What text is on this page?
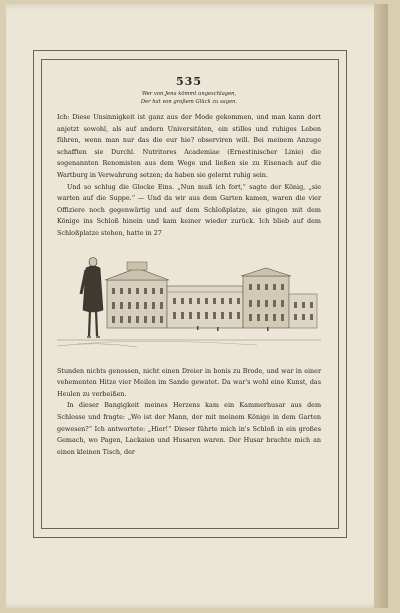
535
Wer von Jena kömmt ungeschlagen,
Der hat von großem Glück zu sagen.

Ich: Diese Unsinnigkeit ist ganz aus der Mode gekommen, und man kann dort anjetzt sowohl, als auf andern Universitäten, ein stilles und ruhiges Leben führen, wenn man nur das die eur hie? observiren will. Bei meinem Anzuge schafften sie Durchl. Nutritores Academiae (Ernestinischer Linie) die sogenannten Renomisten aus dem Wege und ließen sie zu Eisenach auf die Wartburg in Verwahrung setzen; da haben sie gelernt ruhig sein.

Und so schlug die Glocke Eins. „Nun muß ich fort,“ sagte der König, „sie warten auf die Suppe.“ — Und da wir aus dem Garten kamen, waren die vier Offiziere noch gegenwärtig und auf dem Schloßplatze, sie gingen mit dem Könige ins Schloß hinein und kam keiner wieder zurück. Ich blieb auf dem Schloßplatze stehen, hatte in 27

Stunden nichts genossen, nicht einen Dreier in bonis zu Brode, und war in einer vehementen Hitze vier Meilen im Sande gewatet. Da war's wohl eine Kunst, das Heulen zu verbeißen.

In dieser Bangigkeit meines Herzens kam ein Kammerhusar aus dem Schlosse und fragte: „Wo ist der Mann, der mit meinem Könige in dem Garten gewesen?“ Ich antwortete: „Hier!“ Dieser führte mich in's Schloß in ein großes Gemach, wo Pagen, Lackaien und Husaren waren. Der Husar brachte mich an einen kleinen Tisch, der
